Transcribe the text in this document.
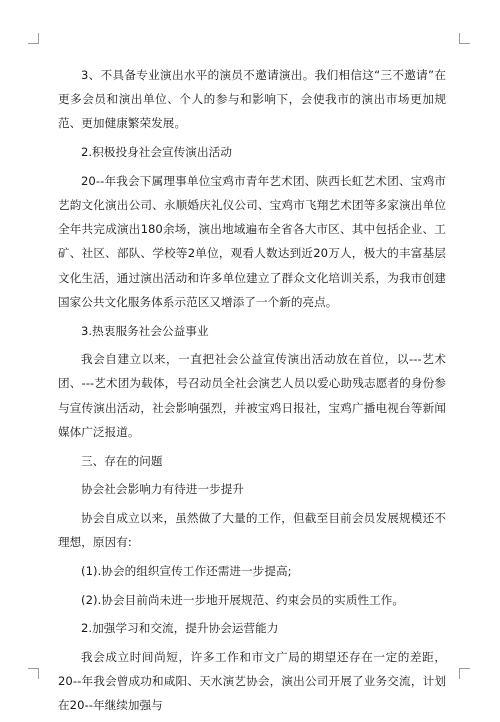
3、不具备专业演出水平的演员不邀请演出。我们相信这“三不邀请”在更多会员和演出单位、个人的参与和影响下，会使我市的演出市场更加规范、更加健康繁荣发展。

2.积极投身社会宣传演出活动

20--年我会下属理事单位宝鸡市青年艺术团、陕西长虹艺术团、宝鸡市艺韵文化演出公司、永顺婚庆礼仪公司、宝鸡市飞翔艺术团等多家演出单位全年共完成演出180余场，演出地域遍布全省各大市区、其中包括企业、工矿、社区、部队、学校等2单位，观看人数达到近20万人，极大的丰富基层文化生活，通过演出活动和许多单位建立了群众文化培训关系，为我市创建国家公共文化服务体系示范区又增添了一个新的亮点。

3.热衷服务社会公益事业

我会自建立以来，一直把社会公益宣传演出活动放在首位，以---艺术团、---艺术团为载体，号召动员全社会演艺人员以爱心助残志愿者的身份参与宣传演出活动，社会影响强烈，并被宝鸡日报社，宝鸡广播电视台等新闻媒体广泛报道。

三、存在的问题

协会社会影响力有待进一步提升

协会自成立以来，虽然做了大量的工作，但截至目前会员发展规模还不理想，原因有:

(1).协会的组织宣传工作还需进一步提高;

(2).协会目前尚未进一步地开展规范、约束会员的实质性工作。

2.加强学习和交流，提升协会运营能力

我会成立时间尚短，许多工作和市文广局的期望还存在一定的差距，20--年我会曾成功和咸阳、天水演艺协会，演出公司开展了业务交流，计划在20--年继续加强与
